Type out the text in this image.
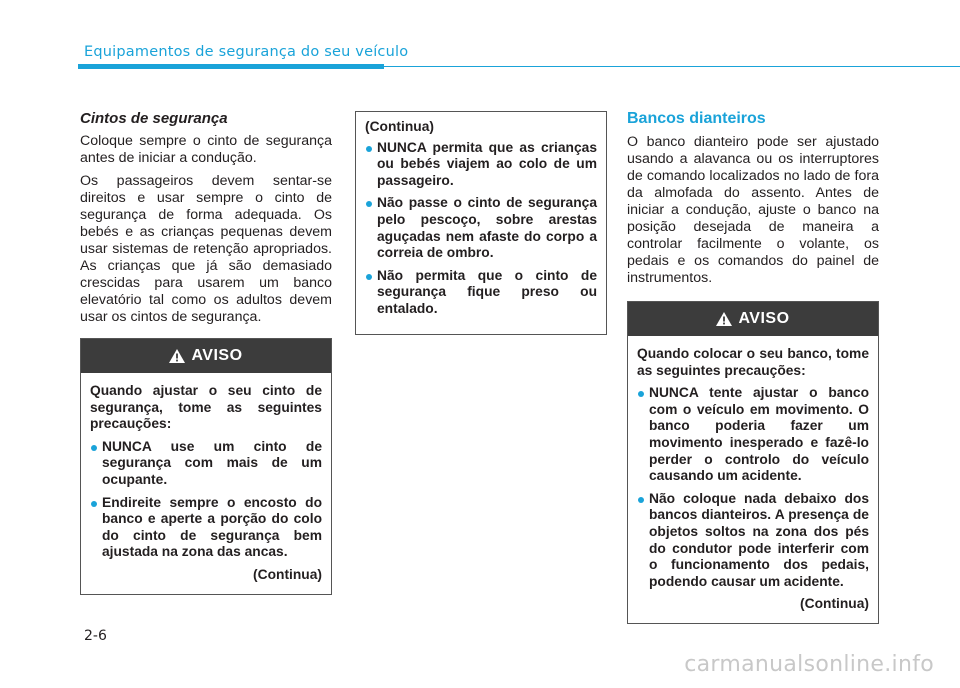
Equipamentos de segurança do seu veículo
Cintos de segurança

Coloque sempre o cinto de segurança antes de iniciar a condução.

Os passageiros devem sentar-se direitos e usar sempre o cinto de segurança de forma adequada. Os bebés e as crianças pequenas devem usar sistemas de retenção apropriados. As crianças que já são demasiado crescidas para usarem um banco elevatório tal como os adultos devem usar os cintos de segurança.

AVISO
Quando ajustar o seu cinto de segurança, tome as seguintes precauções:
NUNCA use um cinto de segurança com mais de um ocupante.
Endireite sempre o encosto do banco e aperte a porção do colo do cinto de segurança bem ajustada na zona das ancas.
(Continua)
(Continua)
NUNCA permita que as crianças ou bebés viajem ao colo de um passageiro.
Não passe o cinto de segurança pelo pescoço, sobre arestas aguçadas nem afaste do corpo a correia de ombro.
Não permita que o cinto de segurança fique preso ou entalado.
Bancos dianteiros

O banco dianteiro pode ser ajustado usando a alavanca ou os interruptores de comando localizados no lado de fora da almofada do assento. Antes de iniciar a condução, ajuste o banco na posição desejada de maneira a controlar facilmente o volante, os pedais e os comandos do painel de instrumentos.

AVISO
Quando colocar o seu banco, tome as seguintes precauções:
NUNCA tente ajustar o banco com o veículo em movimento. O banco poderia fazer um movimento inesperado e fazê-lo perder o controlo do veículo causando um acidente.
Não coloque nada debaixo dos bancos dianteiros. A presença de objetos soltos na zona dos pés do condutor pode interferir com o funcionamento dos pedais, podendo causar um acidente.
(Continua)
2-6
carmanualsonline.info
